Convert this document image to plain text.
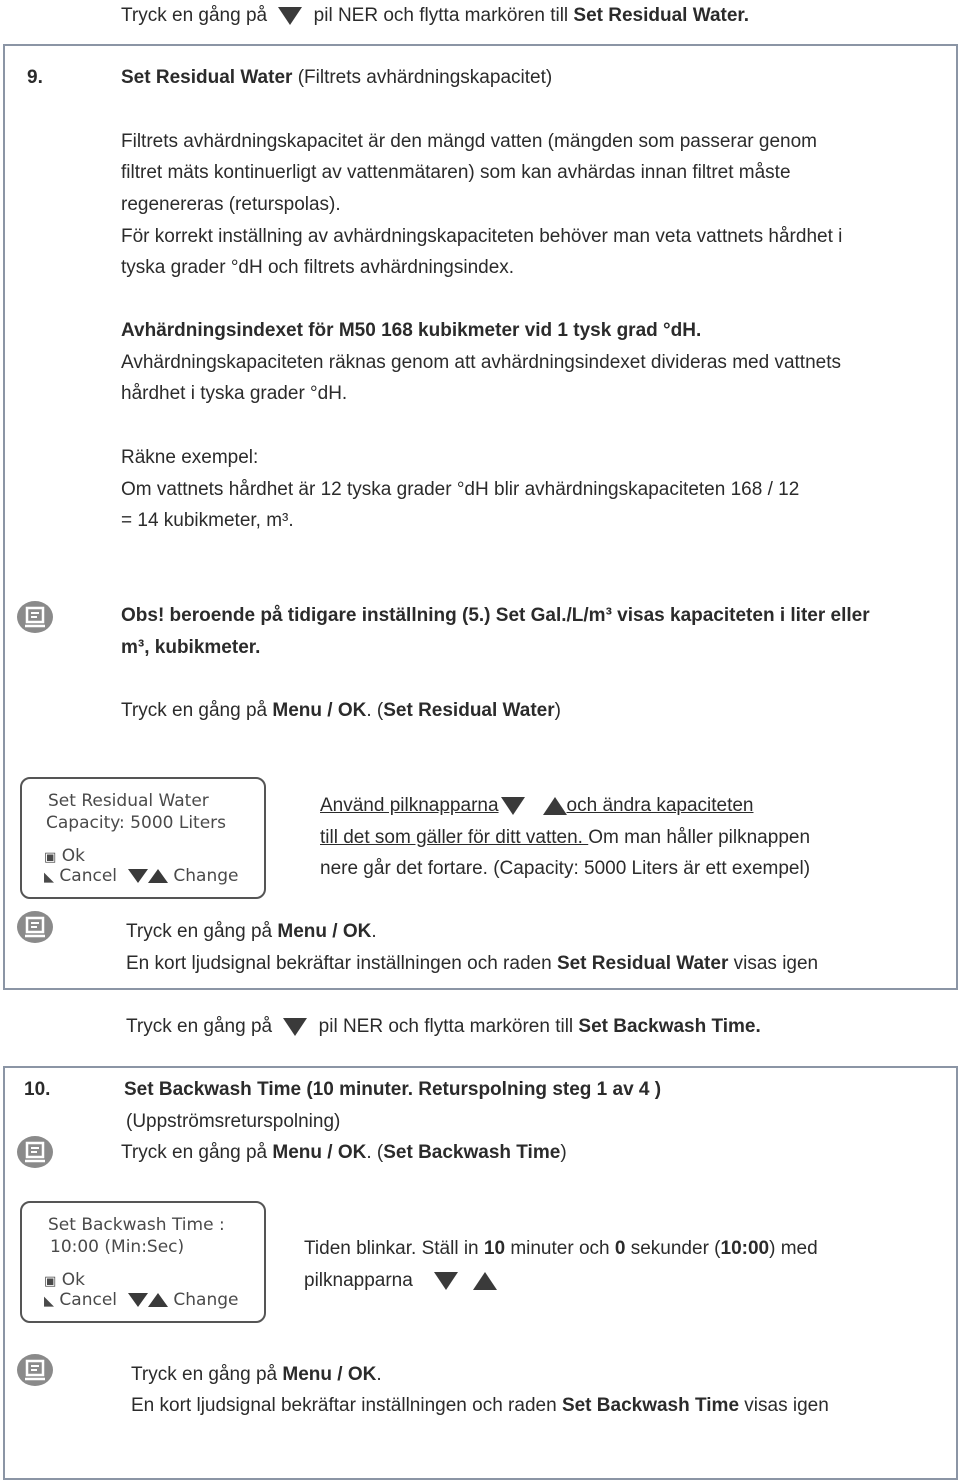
Tryck en gång på pil NER och flytta markören till Set Residual Water.
9.	Set Residual Water (Filtrets avhärdningskapacitet)
Filtrets avhärdningskapacitet är den mängd vatten (mängden som passerar genom
filtret mäts kontinuerligt av vattenmätaren) som kan avhärdas innan filtret måste
regenereras (returspolas).
För korrekt inställning av avhärdningskapaciteten behöver man veta vattnets hårdhet i
tyska grader °dH och filtrets avhärdningsindex.
Avhärdningsindexet för M50 168 kubikmeter vid 1 tysk grad °dH.
Avhärdningskapaciteten räknas genom att avhärdningsindexet divideras med vattnets
hårdhet i tyska grader °dH.
Räkne exempel:
Om vattnets hårdhet är 12 tyska grader °dH blir avhärdningskapaciteten 168 / 12
= 14 kubikmeter, m³.
Obs! beroende på tidigare inställning (5.) Set Gal./L/m³ visas kapaciteten i liter eller
m³, kubikmeter.
Tryck en gång på Menu / OK. (Set Residual Water)
Set Residual Water
Capacity: 5000 Liters
▣ Ok
◣ Cancel	Change
Använd pilknapparna	och ändra kapaciteten
till det som gäller för ditt vatten. Om man håller pilknappen
nere går det fortare. (Capacity: 5000 Liters är ett exempel)
Tryck en gång på Menu / OK.
En kort ljudsignal bekräftar inställningen och raden Set Residual Water visas igen
Tryck en gång på pil NER och flytta markören till Set Backwash Time.
10.	Set Backwash Time (10 minuter. Returspolning steg 1 av 4 )
(Uppströmsreturspolning)
Tryck en gång på Menu / OK. (Set Backwash Time)
Set Backwash Time :
10:00 (Min:Sec)
▣ Ok
◣ Cancel	Change
Tiden blinkar. Ställ in 10 minuter och 0 sekunder (10:00) med
pilknapparna
Tryck en gång på Menu / OK.
En kort ljudsignal bekräftar inställningen och raden Set Backwash Time visas igen
